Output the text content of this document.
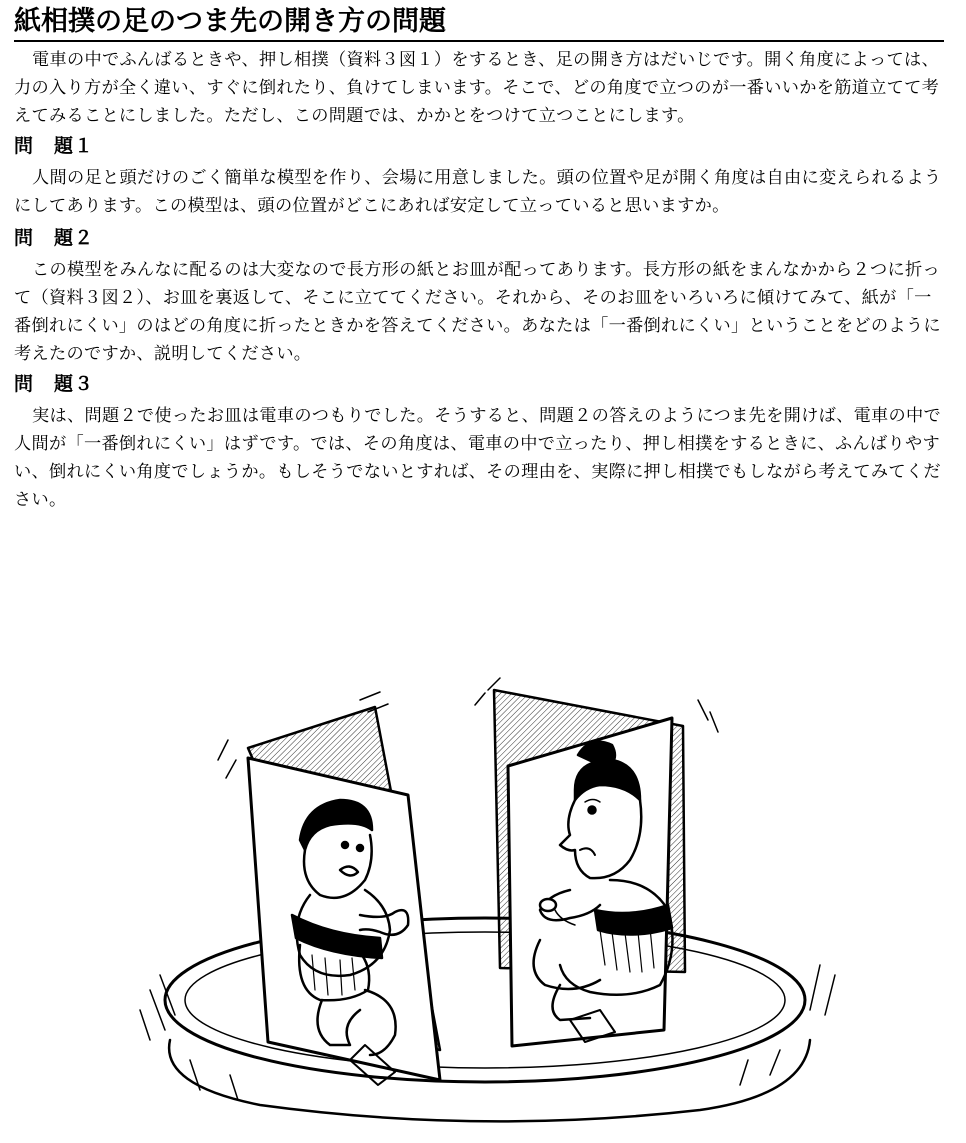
紙相撲の足のつま先の開き方の問題
電車の中でふんばるときや、押し相撲（資料３図１）をするとき、足の開き方はだいじです。開く角度によっては、力の入り方が全く違い、すぐに倒れたり、負けてしまいます。そこで、どの角度で立つのが一番いいかを筋道立てて考えてみることにしました。ただし、この問題では、かかとをつけて立つことにします。
問　題１
人間の足と頭だけのごく簡単な模型を作り、会場に用意しました。頭の位置や足が開く角度は自由に変えられるようにしてあります。この模型は、頭の位置がどこにあれば安定して立っていると思いますか。
問　題２
この模型をみんなに配るのは大変なので長方形の紙とお皿が配ってあります。長方形の紙をまんなかから２つに折って（資料３図２）、お皿を裏返して、そこに立ててください。それから、そのお皿をいろいろに傾けてみて、紙が「一番倒れにくい」のはどの角度に折ったときかを答えてください。あなたは「一番倒れにくい」ということをどのように考えたのですか、説明してください。
問　題３
実は、問題２で使ったお皿は電車のつもりでした。そうすると、問題２の答えのようにつま先を開けば、電車の中で人間が「一番倒れにくい」はずです。では、その角度は、電車の中で立ったり、押し相撲をするときに、ふんばりやすい、倒れにくい角度でしょうか。もしそうでないとすれば、その理由を、実際に押し相撲でもしながら考えてみてください。
